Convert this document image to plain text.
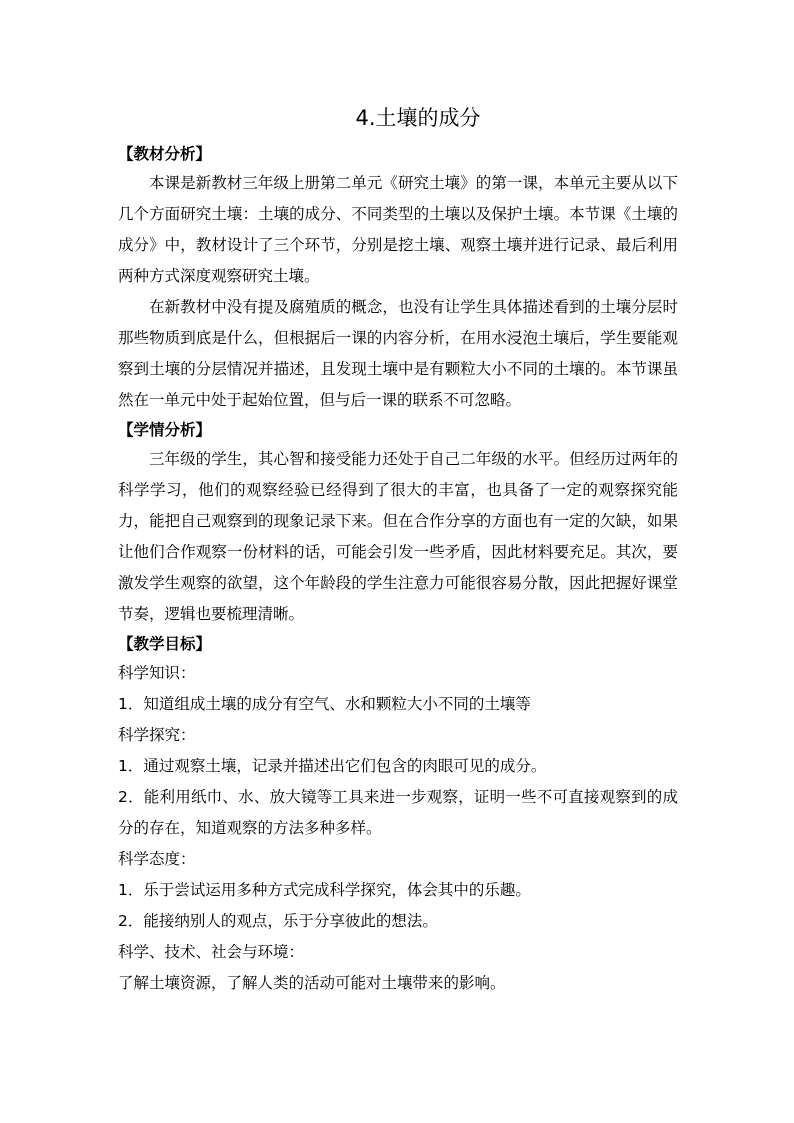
4.土壤的成分
【教材分析】

本课是新教材三年级上册第二单元《研究土壤》的第一课，本单元主要从以下几个方面研究土壤：土壤的成分、不同类型的土壤以及保护土壤。本节课《土壤的成分》中，教材设计了三个环节，分别是挖土壤、观察土壤并进行记录、最后利用两种方式深度观察研究土壤。

在新教材中没有提及腐殖质的概念，也没有让学生具体描述看到的土壤分层时那些物质到底是什么，但根据后一课的内容分析，在用水浸泡土壤后，学生要能观察到土壤的分层情况并描述，且发现土壤中是有颗粒大小不同的土壤的。本节课虽然在一单元中处于起始位置，但与后一课的联系不可忽略。

【学情分析】

三年级的学生，其心智和接受能力还处于自己二年级的水平。但经历过两年的科学学习，他们的观察经验已经得到了很大的丰富，也具备了一定的观察探究能力，能把自己观察到的现象记录下来。但在合作分享的方面也有一定的欠缺，如果让他们合作观察一份材料的话，可能会引发一些矛盾，因此材料要充足。其次，要激发学生观察的欲望，这个年龄段的学生注意力可能很容易分散，因此把握好课堂节奏，逻辑也要梳理清晰。

【教学目标】
科学知识：
1．知道组成土壤的成分有空气、水和颗粒大小不同的土壤等
科学探究：
1．通过观察土壤，记录并描述出它们包含的肉眼可见的成分。
2．能利用纸巾、水、放大镜等工具来进一步观察，证明一些不可直接观察到的成分的存在，知道观察的方法多种多样。
科学态度：
1．乐于尝试运用多种方式完成科学探究，体会其中的乐趣。
2．能接纳别人的观点，乐于分享彼此的想法。
科学、技术、社会与环境：
了解土壤资源，了解人类的活动可能对土壤带来的影响。
